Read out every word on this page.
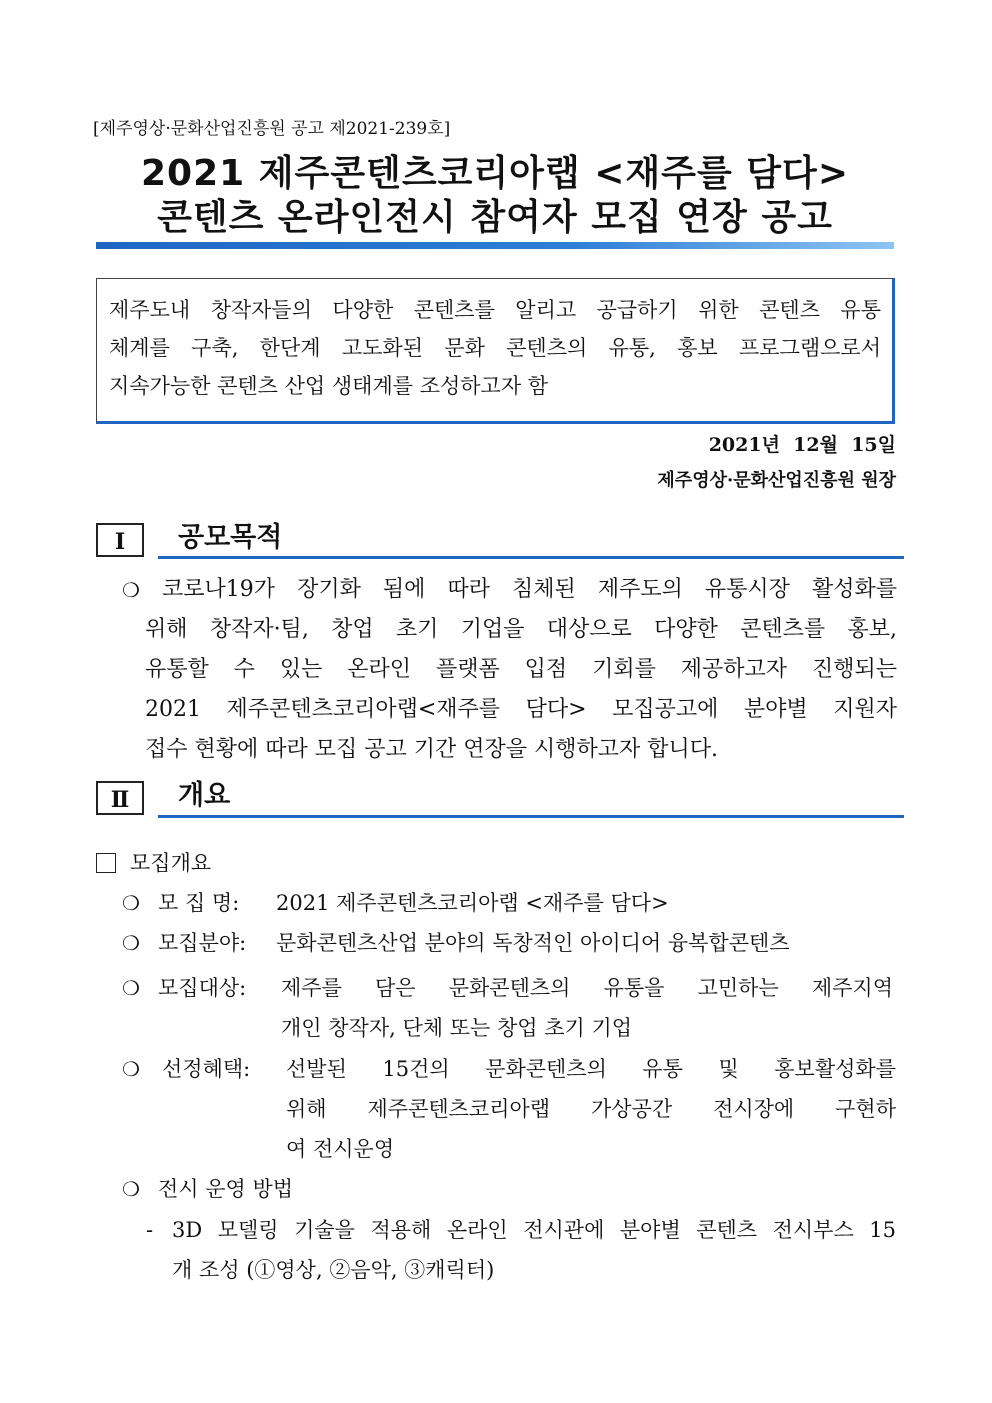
[제주영상·문화산업진흥원 공고 제2021-239호]
2021 제주콘텐츠코리아랩 <재주를 담다>
콘텐츠 온라인전시 참여자 모집 연장 공고
제주도내 창작자들의 다양한 콘텐츠를 알리고 공급하기 위한 콘텐츠 유통
체계를 구축, 한단계 고도화된 문화 콘텐츠의 유통, 홍보 프로그램으로서
지속가능한 콘텐츠 산업 생태계를 조성하고자 함
2021년  12월  15일
제주영상·문화산업진흥원 원장
Ⅰ	공모목적
❍ 코로나19가 장기화 됨에 따라 침체된 제주도의 유통시장 활성화를
위해 창작자·팀, 창업 초기 기업을 대상으로 다양한 콘텐츠를 홍보,
유통할 수 있는 온라인 플랫폼 입점 기회를 제공하고자 진행되는
2021 제주콘텐츠코리아랩<재주를 담다> 모집공고에 분야별 지원자
접수 현황에 따라 모집 공고 기간 연장을 시행하고자 합니다.
Ⅱ	개요
모집개요
❍ 모 집 명: 2021 제주콘텐츠코리아랩 <재주를 담다>
❍ 모집분야: 문화콘텐츠산업 분야의 독창적인 아이디어 융복합콘텐츠
❍ 모집대상: 제주를 담은 문화콘텐츠의 유통을 고민하는 제주지역
개인 창작자, 단체 또는 창업 초기 기업
❍ 선정혜택: 선발된 15건의 문화콘텐츠의 유통 및 홍보활성화를
위해 제주콘텐츠코리아랩 가상공간 전시장에 구현하
여 전시운영
❍ 전시 운영 방법
- 3D 모델링 기술을 적용해 온라인 전시관에 분야별 콘텐츠 전시부스 15
개 조성 (①영상, ②음악, ③캐릭터)
